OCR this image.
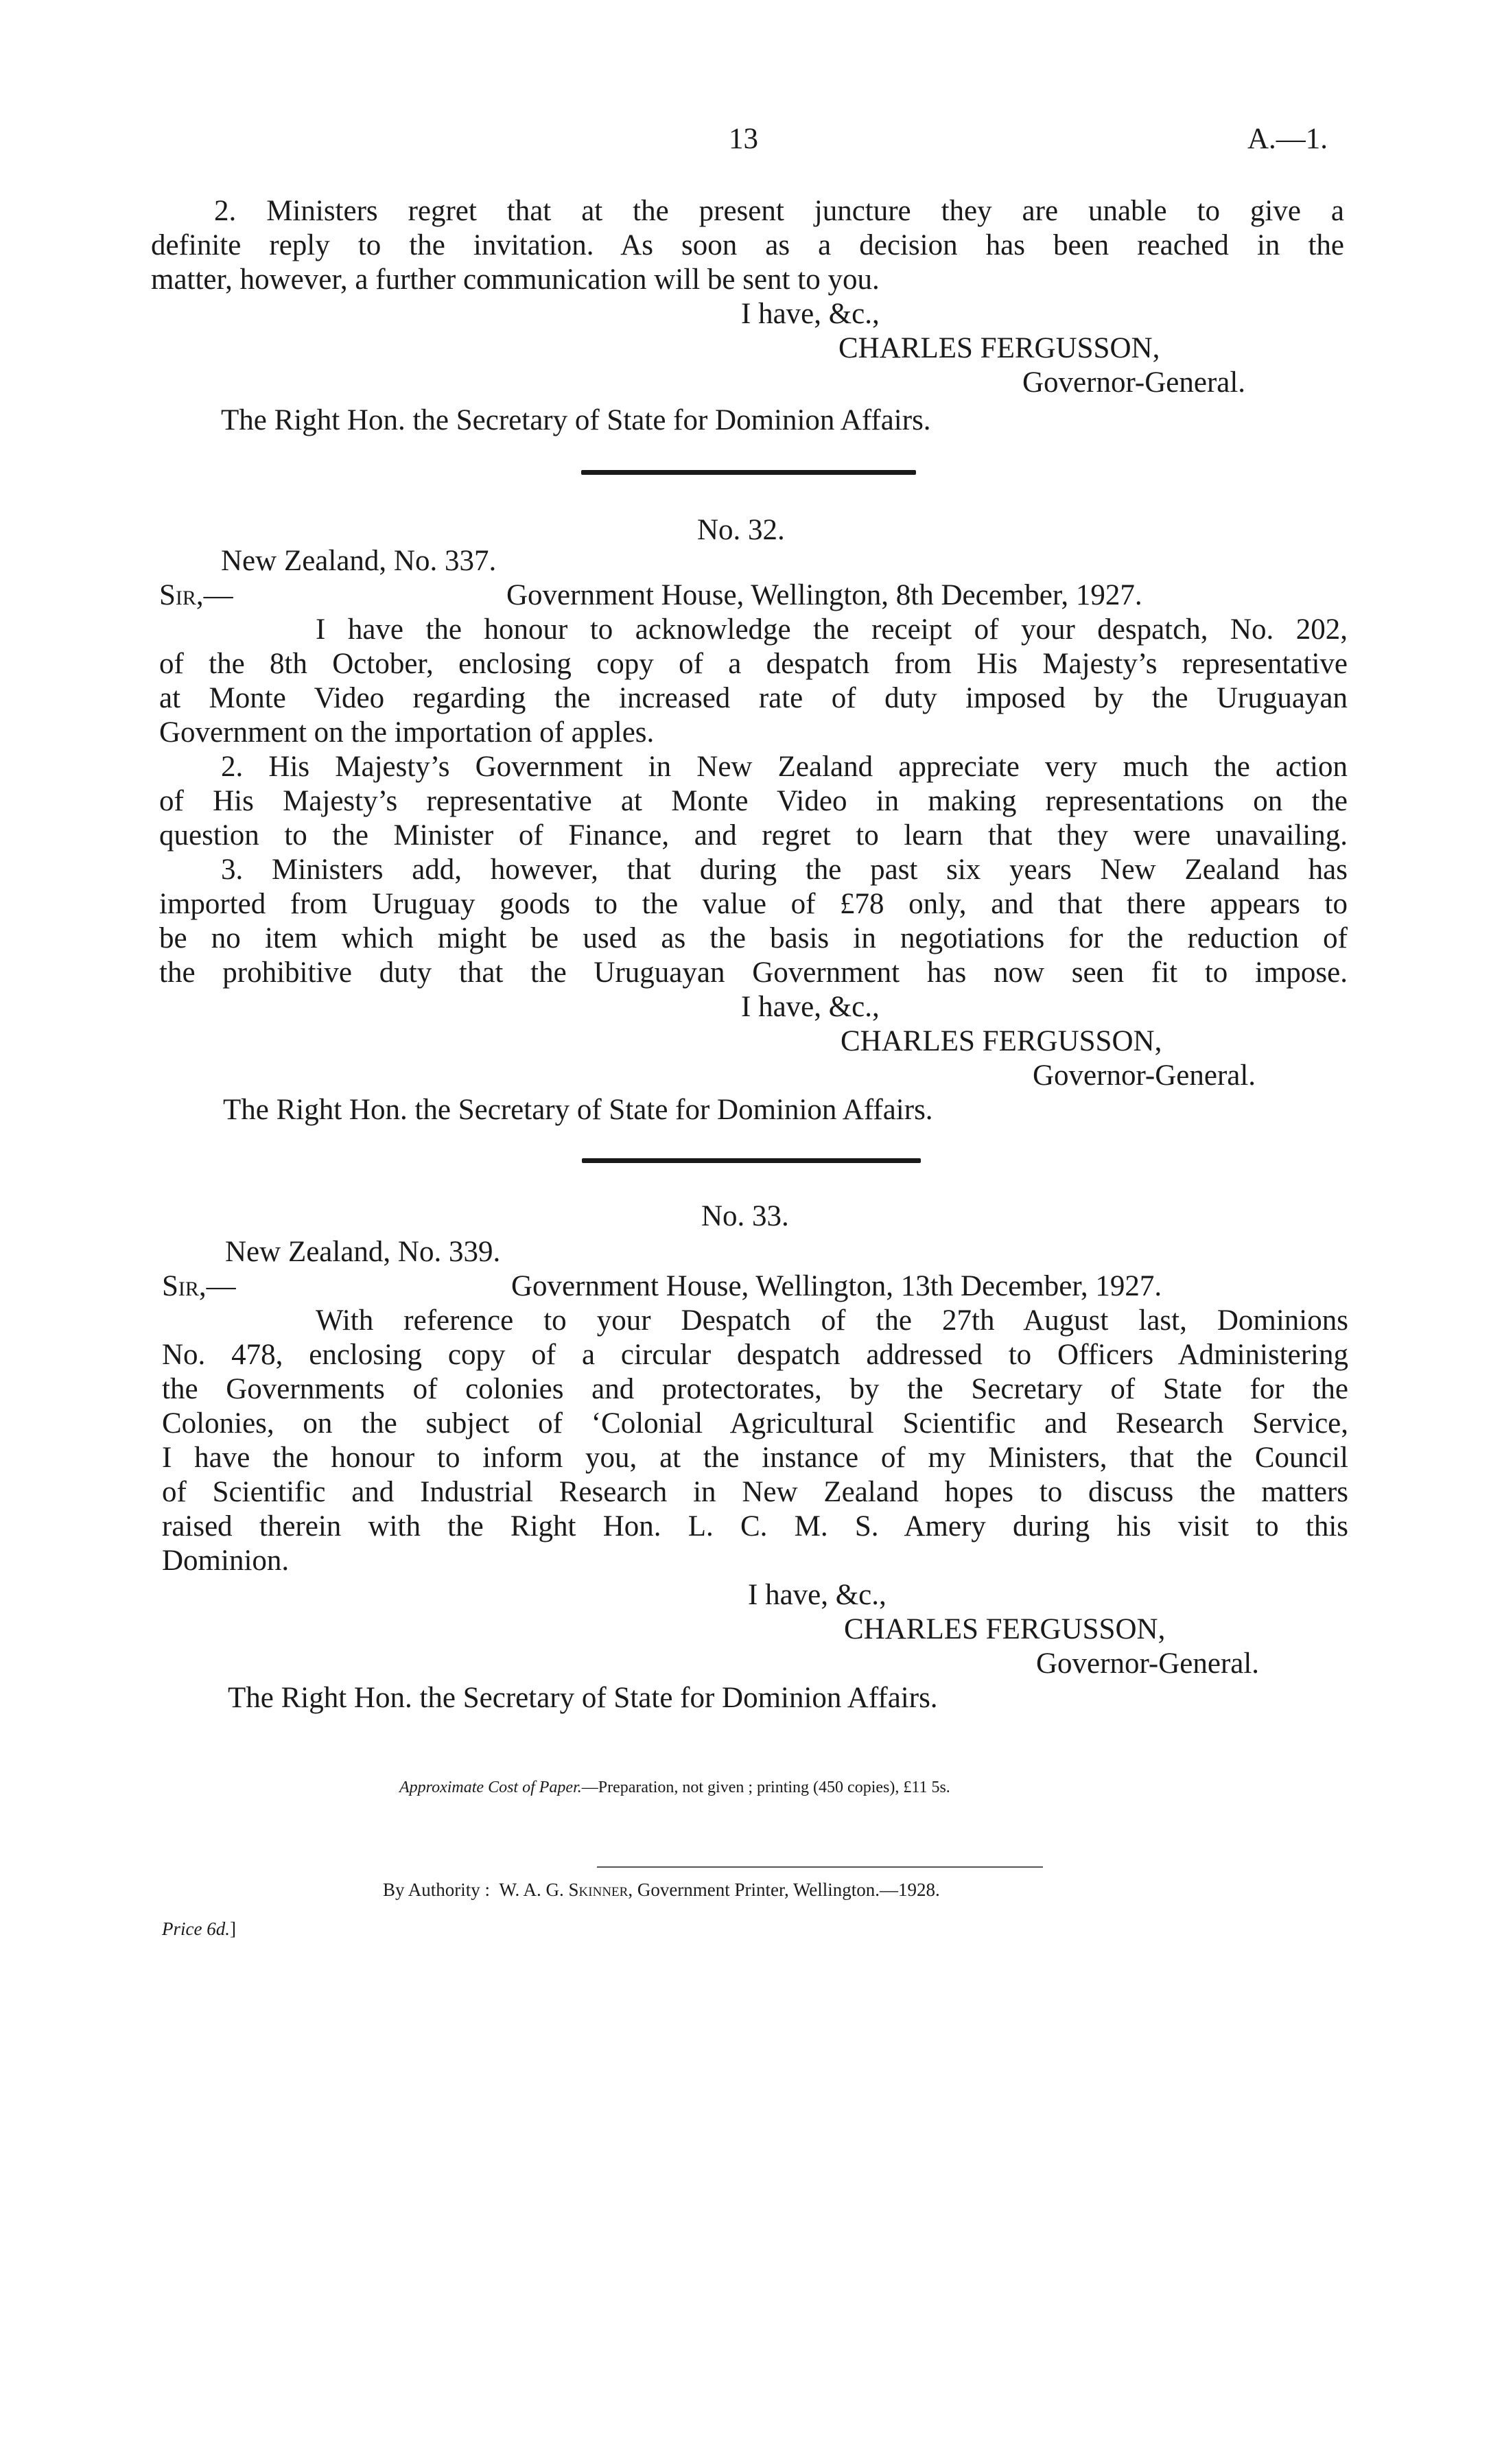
13	A.—1.
2. Ministers regret that at the present juncture they are unable to give a
definite reply to the invitation. As soon as a decision has been reached in the
matter, however, a further communication will be sent to you.
I have, &c.,
CHARLES FERGUSSON,
Governor-General.
The Right Hon. the Secretary of State for Dominion Affairs.
No. 32.
New Zealand, No. 337.
Sir,—	Government House, Wellington, 8th December, 1927.
I have the honour to acknowledge the receipt of your despatch, No. 202,
of the 8th October, enclosing copy of a despatch from His Majesty’s representative
at Monte Video regarding the increased rate of duty imposed by the Uruguayan
Government on the importation of apples.
2. His Majesty’s Government in New Zealand appreciate very much the action
of His Majesty’s representative at Monte Video in making representations on the
question to the Minister of Finance, and regret to learn that they were unavailing.
3. Ministers add, however, that during the past six years New Zealand has
imported from Uruguay goods to the value of £78 only, and that there appears to
be no item which might be used as the basis in negotiations for the reduction of
the prohibitive duty that the Uruguayan Government has now seen fit to impose.
I have, &c.,
CHARLES FERGUSSON,
Governor-General.
The Right Hon. the Secretary of State for Dominion Affairs.
No. 33.
New Zealand, No. 339.
Sir,—	Government House, Wellington, 13th December, 1927.
With reference to your Despatch of the 27th August last, Dominions
No. 478, enclosing copy of a circular despatch addressed to Officers Administering
the Governments of colonies and protectorates, by the Secretary of State for the
Colonies, on the subject of ‘Colonial Agricultural Scientific and Research Service,
I have the honour to inform you, at the instance of my Ministers, that the Council
of Scientific and Industrial Research in New Zealand hopes to discuss the matters
raised therein with the Right Hon. L. C. M. S. Amery during his visit to this
Dominion.
I have, &c.,
CHARLES FERGUSSON,
Governor-General.
The Right Hon. the Secretary of State for Dominion Affairs.
Approximate Cost of Paper.—Preparation, not given ; printing (450 copies), £11 5s.
By Authority : W. A. G. Skinner, Government Printer, Wellington.—1928.
Price 6d.]
